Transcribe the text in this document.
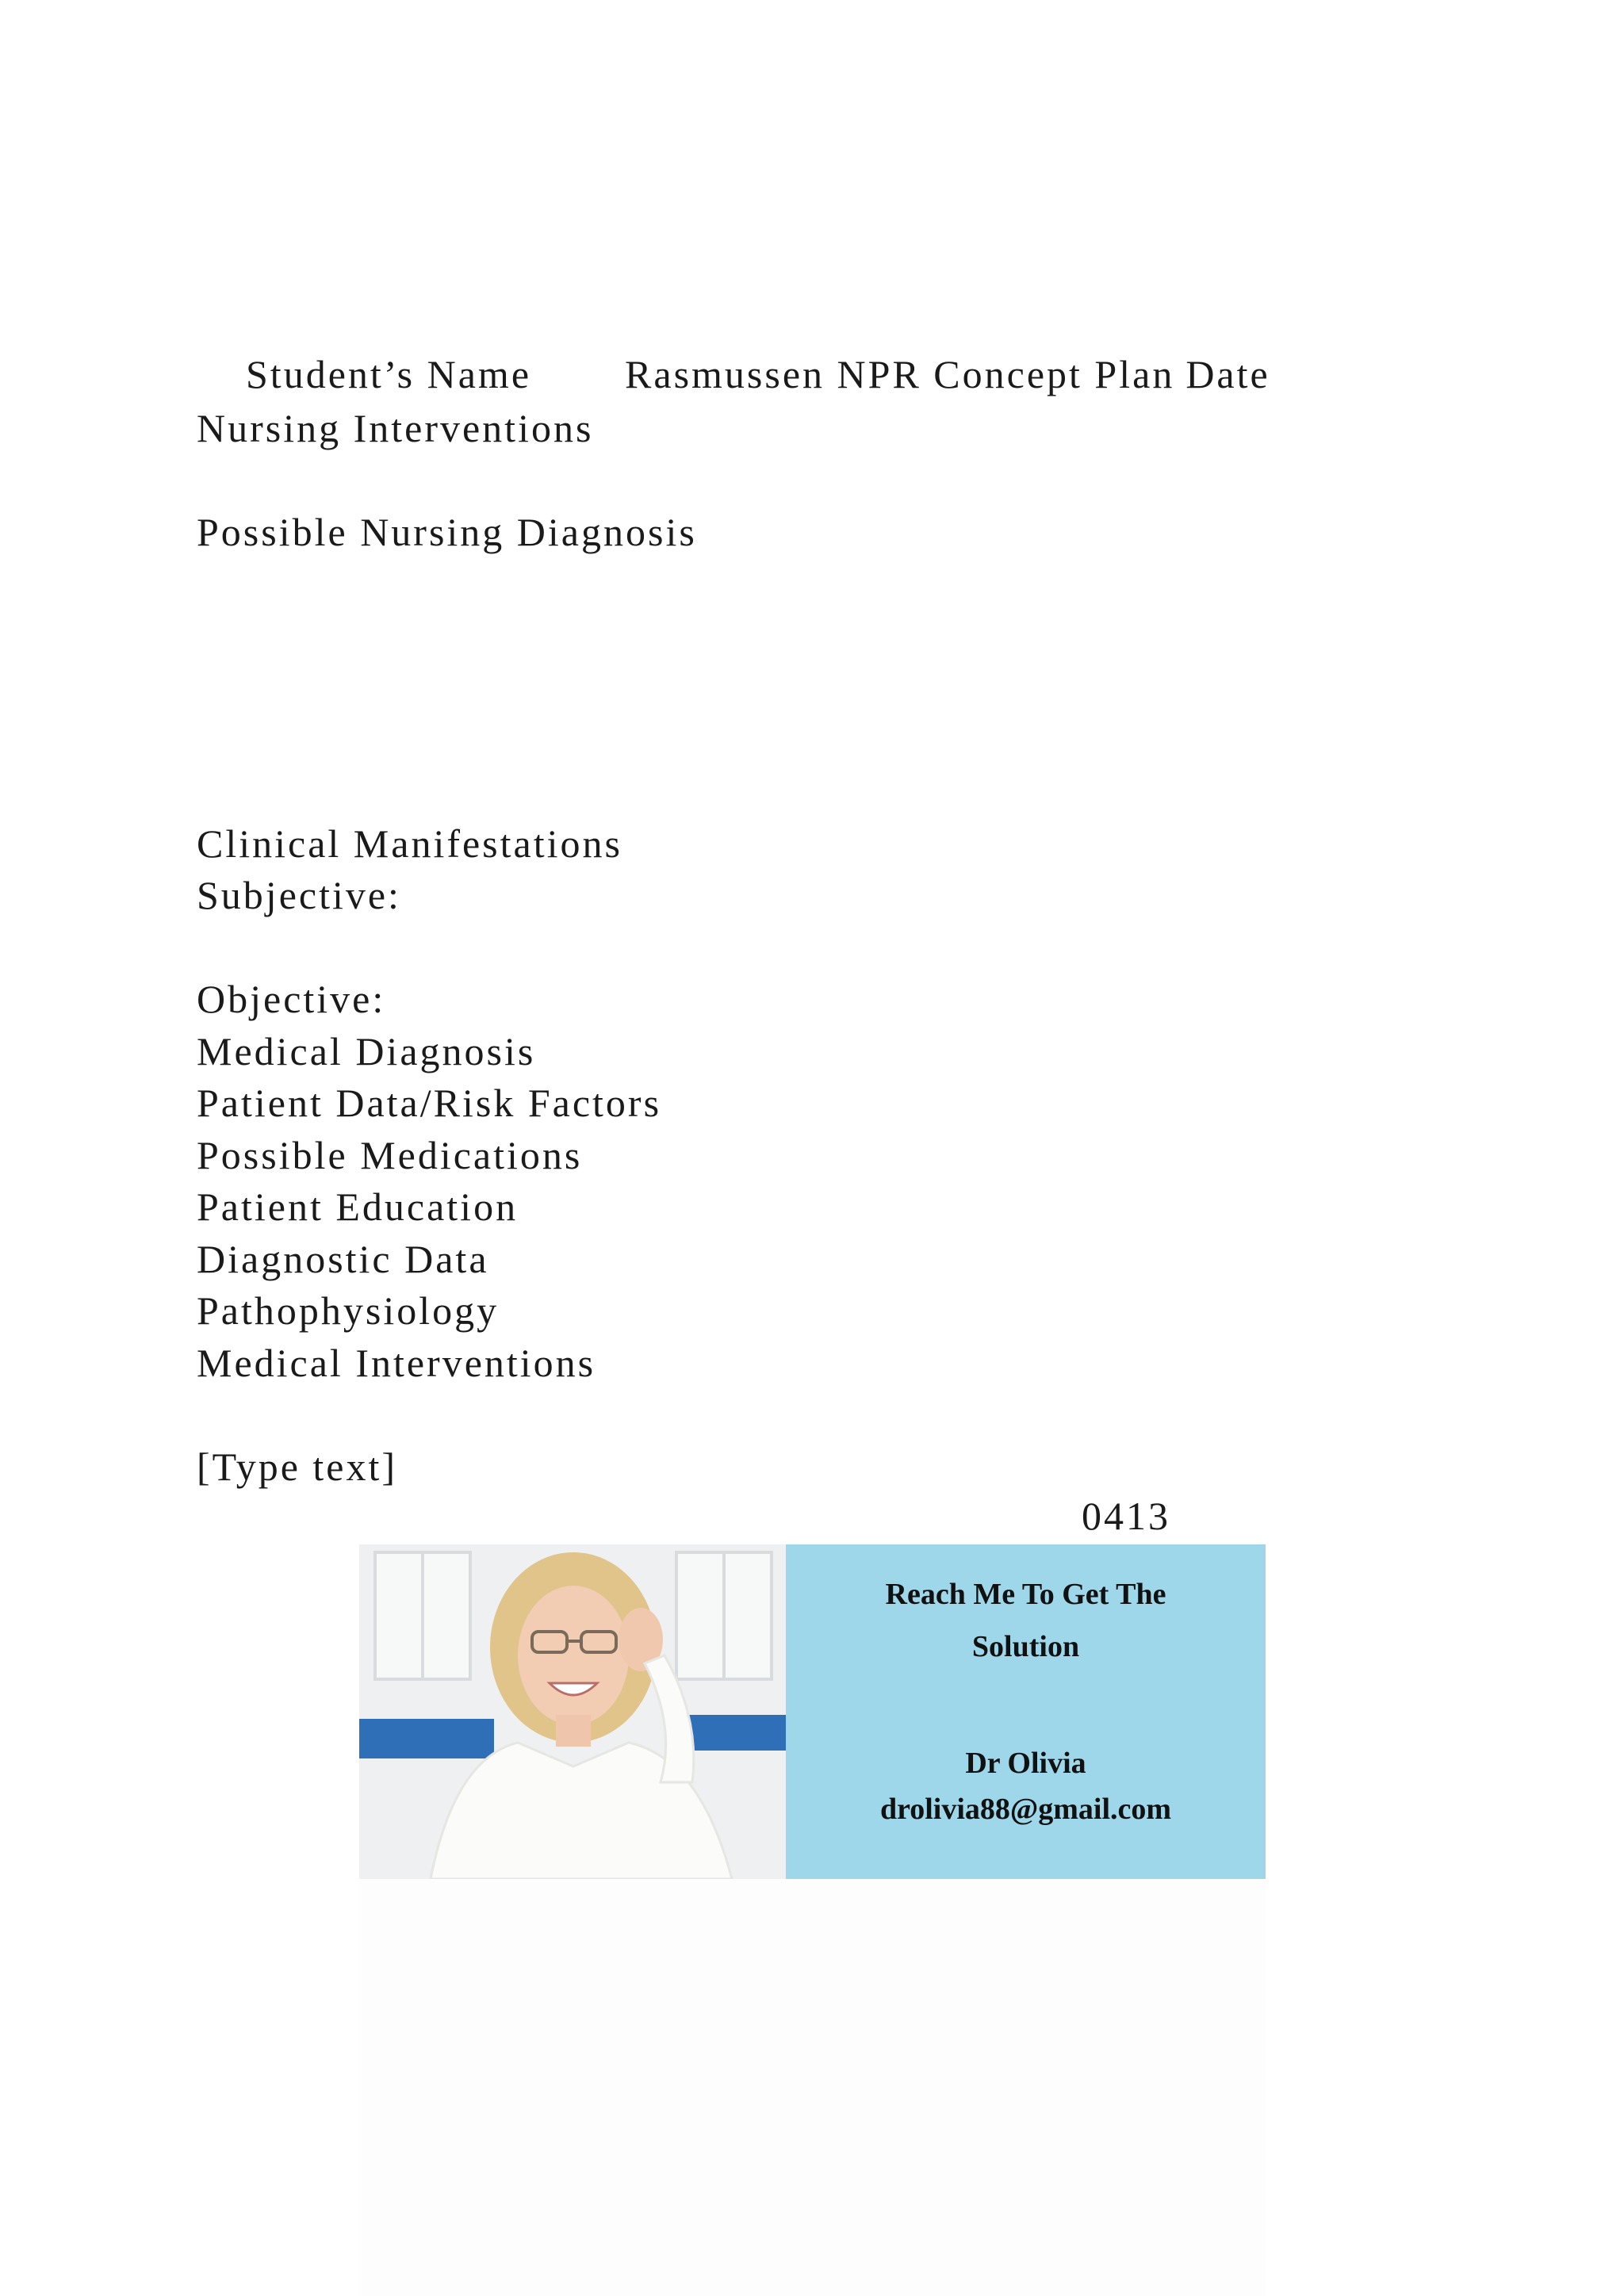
Student’s Name Rasmussen NPR Concept Plan Date

Nursing Interventions

Possible Nursing Diagnosis

Clinical Manifestations

Subjective:

Objective:

Medical Diagnosis

Patient Data/Risk Factors

Possible Medications

Patient Education

Diagnostic Data

Pathophysiology

Medical Interventions

[Type text]

0413
Reach Me To Get The
Solution
Dr Olivia
drolivia88@gmail.com
